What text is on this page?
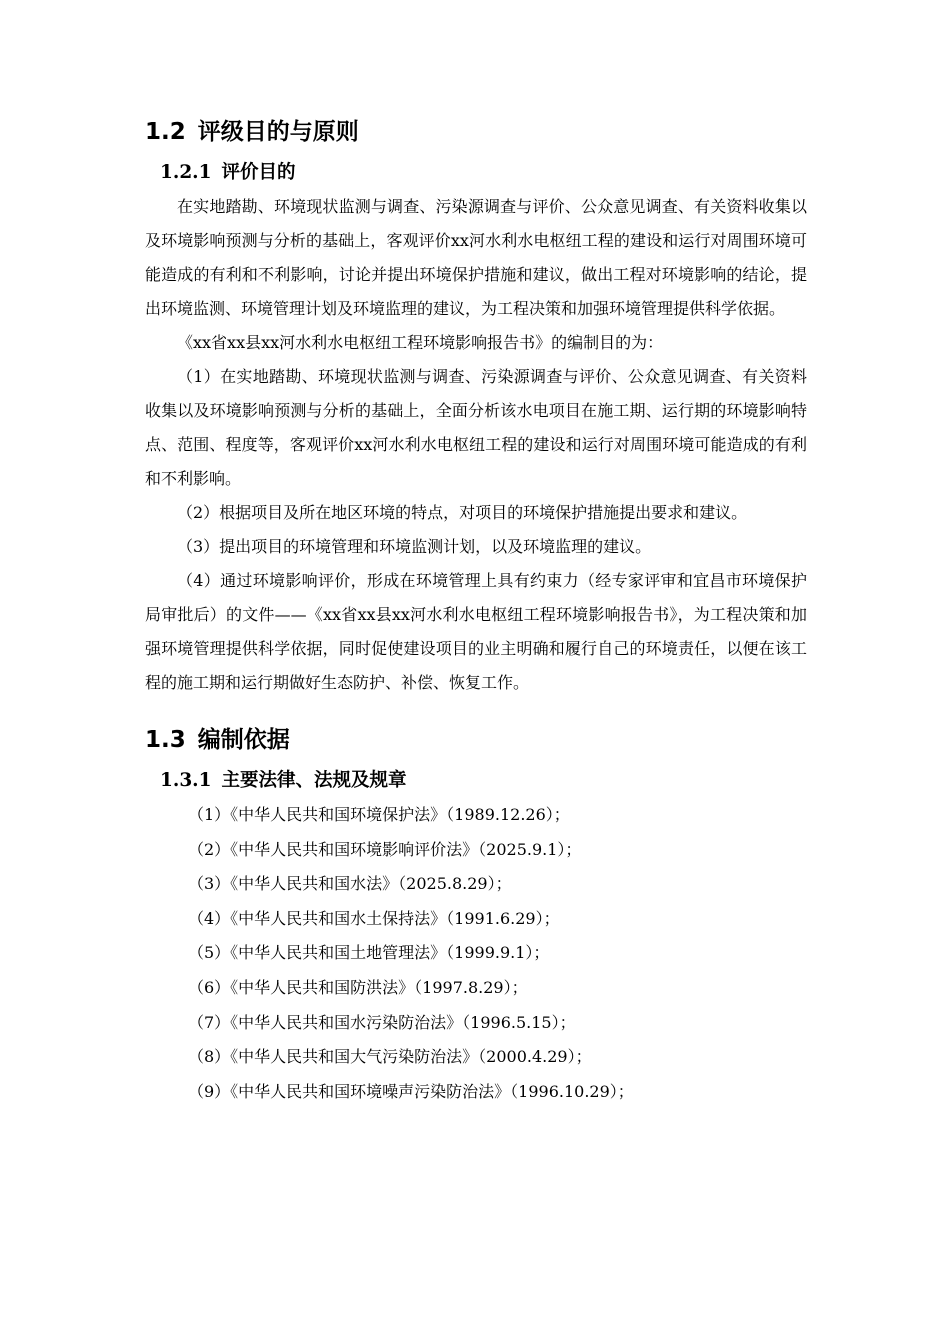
1.2 评级目的与原则
1.2.1 评价目的

在实地踏勘、环境现状监测与调查、污染源调查与评价、公众意见调查、有关资料收集以及环境影响预测与分析的基础上，客观评价xx河水利水电枢纽工程的建设和运行对周围环境可能造成的有利和不利影响，讨论并提出环境保护措施和建议，做出工程对环境影响的结论，提出环境监测、环境管理计划及环境监理的建议，为工程决策和加强环境管理提供科学依据。

《xx省xx县xx河水利水电枢纽工程环境影响报告书》的编制目的为：

（1）在实地踏勘、环境现状监测与调查、污染源调查与评价、公众意见调查、有关资料收集以及环境影响预测与分析的基础上，全面分析该水电项目在施工期、运行期的环境影响特点、范围、程度等，客观评价xx河水利水电枢纽工程的建设和运行对周围环境可能造成的有利和不利影响。

（2）根据项目及所在地区环境的特点，对项目的环境保护措施提出要求和建议。

（3）提出项目的环境管理和环境监测计划，以及环境监理的建议。

（4）通过环境影响评价，形成在环境管理上具有约束力（经专家评审和宜昌市环境保护局审批后）的文件——《xx省xx县xx河水利水电枢纽工程环境影响报告书》，为工程决策和加强环境管理提供科学依据，同时促使建设项目的业主明确和履行自己的环境责任，以便在该工程的施工期和运行期做好生态防护、补偿、恢复工作。

1.3 编制依据
1.3.1 主要法律、法规及规章
（1）《中华人民共和国环境保护法》（1989.12.26）；
（2）《中华人民共和国环境影响评价法》（2025.9.1）；
（3）《中华人民共和国水法》（2025.8.29）；
（4）《中华人民共和国水土保持法》（1991.6.29）；
（5）《中华人民共和国土地管理法》（1999.9.1）；
（6）《中华人民共和国防洪法》（1997.8.29）；
（7）《中华人民共和国水污染防治法》（1996.5.15）；
（8）《中华人民共和国大气污染防治法》（2000.4.29）；
（9）《中华人民共和国环境噪声污染防治法》（1996.10.29）；
